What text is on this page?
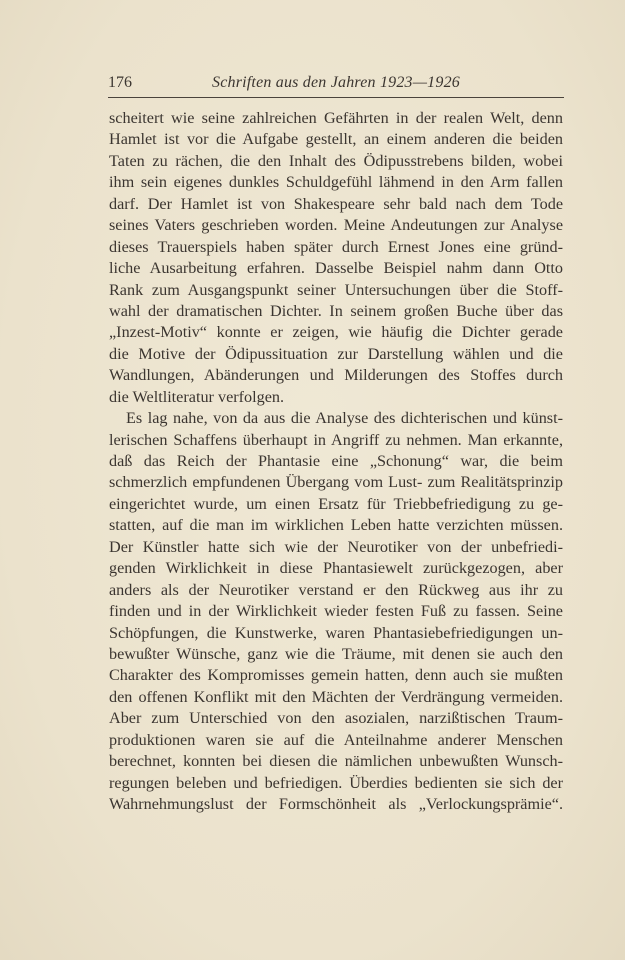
176	Schriften aus den Jahren 1923—1926
scheitert wie seine zahlreichen Gefährten in der realen Welt, denn
Hamlet ist vor die Aufgabe gestellt, an einem anderen die beiden
Taten zu rächen, die den Inhalt des Ödipusstrebens bilden, wobei
ihm sein eigenes dunkles Schuldgefühl lähmend in den Arm fallen
darf. Der Hamlet ist von Shakespeare sehr bald nach dem Tode
seines Vaters geschrieben worden. Meine Andeutungen zur Analyse
dieses Trauerspiels haben später durch Ernest Jones eine gründ-
liche Ausarbeitung erfahren. Dasselbe Beispiel nahm dann Otto
Rank zum Ausgangspunkt seiner Untersuchungen über die Stoff-
wahl der dramatischen Dichter. In seinem großen Buche über das
„Inzest-Motiv“ konnte er zeigen, wie häufig die Dichter gerade
die Motive der Ödipussituation zur Darstellung wählen und die
Wandlungen, Abänderungen und Milderungen des Stoffes durch
die Weltliteratur verfolgen.
Es lag nahe, von da aus die Analyse des dichterischen und künst-
lerischen Schaffens überhaupt in Angriff zu nehmen. Man erkannte,
daß das Reich der Phantasie eine „Schonung“ war, die beim
schmerzlich empfundenen Übergang vom Lust- zum Realitätsprinzip
eingerichtet wurde, um einen Ersatz für Triebbefriedigung zu ge-
statten, auf die man im wirklichen Leben hatte verzichten müssen.
Der Künstler hatte sich wie der Neurotiker von der unbefriedi-
genden Wirklichkeit in diese Phantasiewelt zurückgezogen, aber
anders als der Neurotiker verstand er den Rückweg aus ihr zu
finden und in der Wirklichkeit wieder festen Fuß zu fassen. Seine
Schöpfungen, die Kunstwerke, waren Phantasiebefriedigungen un-
bewußter Wünsche, ganz wie die Träume, mit denen sie auch den
Charakter des Kompromisses gemein hatten, denn auch sie mußten
den offenen Konflikt mit den Mächten der Verdrängung vermeiden.
Aber zum Unterschied von den asozialen, narzißtischen Traum-
produktionen waren sie auf die Anteilnahme anderer Menschen
berechnet, konnten bei diesen die nämlichen unbewußten Wunsch-
regungen beleben und befriedigen. Überdies bedienten sie sich der
Wahrnehmungslust der Formschönheit als „Verlockungsprämie“.
